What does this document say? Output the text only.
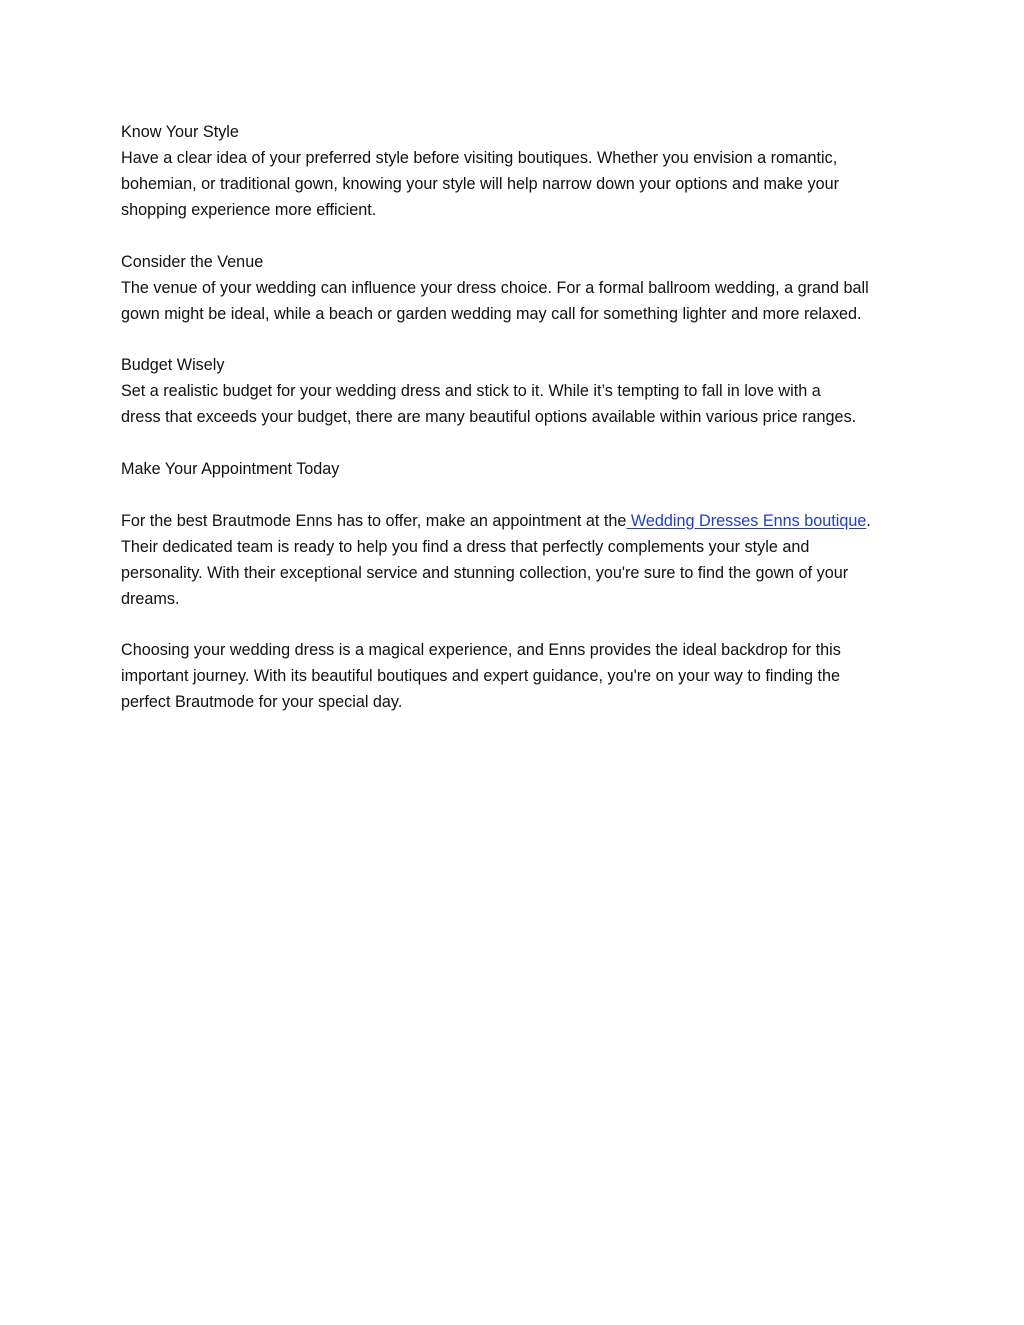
Know Your Style
Have a clear idea of your preferred style before visiting boutiques. Whether you envision a romantic,
bohemian, or traditional gown, knowing your style will help narrow down your options and make your
shopping experience more efficient.
Consider the Venue
The venue of your wedding can influence your dress choice. For a formal ballroom wedding, a grand ball
gown might be ideal, while a beach or garden wedding may call for something lighter and more relaxed.
Budget Wisely
Set a realistic budget for your wedding dress and stick to it. While it’s tempting to fall in love with a
dress that exceeds your budget, there are many beautiful options available within various price ranges.
Make Your Appointment Today
For the best Brautmode Enns has to offer, make an appointment at the Wedding Dresses Enns boutique.
Their dedicated team is ready to help you find a dress that perfectly complements your style and
personality. With their exceptional service and stunning collection, you're sure to find the gown of your
dreams.
Choosing your wedding dress is a magical experience, and Enns provides the ideal backdrop for this
important journey. With its beautiful boutiques and expert guidance, you're on your way to finding the
perfect Brautmode for your special day.
